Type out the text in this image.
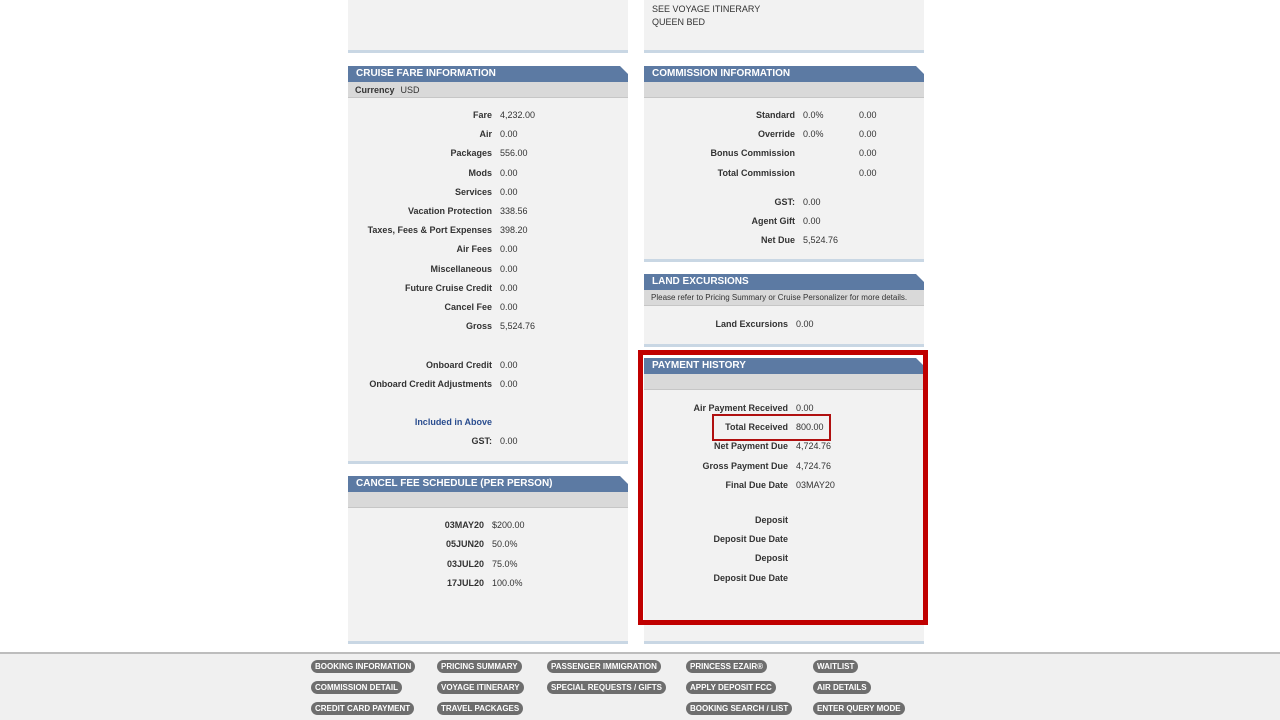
SEE VOYAGE ITINERARY
QUEEN BED
CRUISE FARE INFORMATION
Currency USD
Fare 4,232.00
Air 0.00
Packages 556.00
Mods 0.00
Services 0.00
Vacation Protection 338.56
Taxes, Fees & Port Expenses 398.20
Air Fees 0.00
Miscellaneous 0.00
Future Cruise Credit 0.00
Cancel Fee 0.00
Gross 5,524.76
Onboard Credit 0.00
Onboard Credit Adjustments 0.00
Included in Above
GST: 0.00
CANCEL FEE SCHEDULE (PER PERSON)
03MAY20 $200.00
05JUN20 50.0%
03JUL20 75.0%
17JUL20 100.0%
COMMISSION INFORMATION
Standard 0.0%	0.00
Override 0.0%	0.00
Bonus Commission	0.00
Total Commission	0.00
GST: 0.00
Agent Gift 0.00
Net Due 5,524.76
LAND EXCURSIONS
Please refer to Pricing Summary or Cruise Personalizer for more details.
Land Excursions 0.00
PAYMENT HISTORY
Air Payment Received 0.00
Total Received 800.00
Net Payment Due 4,724.76
Gross Payment Due 4,724.76
Final Due Date 03MAY20
Deposit
Deposit Due Date
Deposit
Deposit Due Date
BOOKING INFORMATION	PRICING SUMMARY	PASSENGER IMMIGRATION	PRINCESS EZAIR®	WAITLIST
COMMISSION DETAIL	VOYAGE ITINERARY	SPECIAL REQUESTS / GIFTS	APPLY DEPOSIT FCC	AIR DETAILS
CREDIT CARD PAYMENT	TRAVEL PACKAGES	BOOKING SEARCH / LIST	ENTER QUERY MODE
